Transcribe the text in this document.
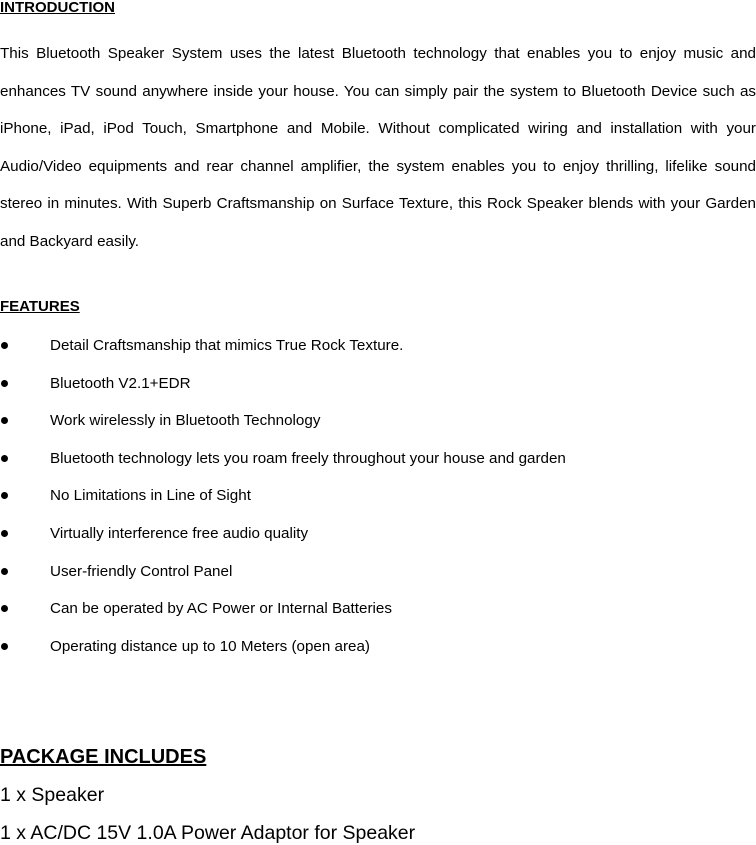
INTRODUCTION
This Bluetooth Speaker System uses the latest Bluetooth technology that enables you to enjoy music and enhances TV sound anywhere inside your house. You can simply pair the system to Bluetooth Device such as iPhone, iPad, iPod Touch, Smartphone and Mobile. Without complicated wiring and installation with your Audio/Video equipments and rear channel amplifier, the system enables you to enjoy thrilling, lifelike sound stereo in minutes. With Superb Craftsmanship on Surface Texture, this Rock Speaker blends with your Garden and Backyard easily.
FEATURES
Detail Craftsmanship that mimics True Rock Texture.
Bluetooth V2.1+EDR
Work wirelessly in Bluetooth Technology
Bluetooth technology lets you roam freely throughout your house and garden
No Limitations in Line of Sight
Virtually interference free audio quality
User-friendly Control Panel
Can be operated by AC Power or Internal Batteries
Operating distance up to 10 Meters (open area)
PACKAGE INCLUDES
1 x Speaker
1 x AC/DC 15V 1.0A Power Adaptor for Speaker
